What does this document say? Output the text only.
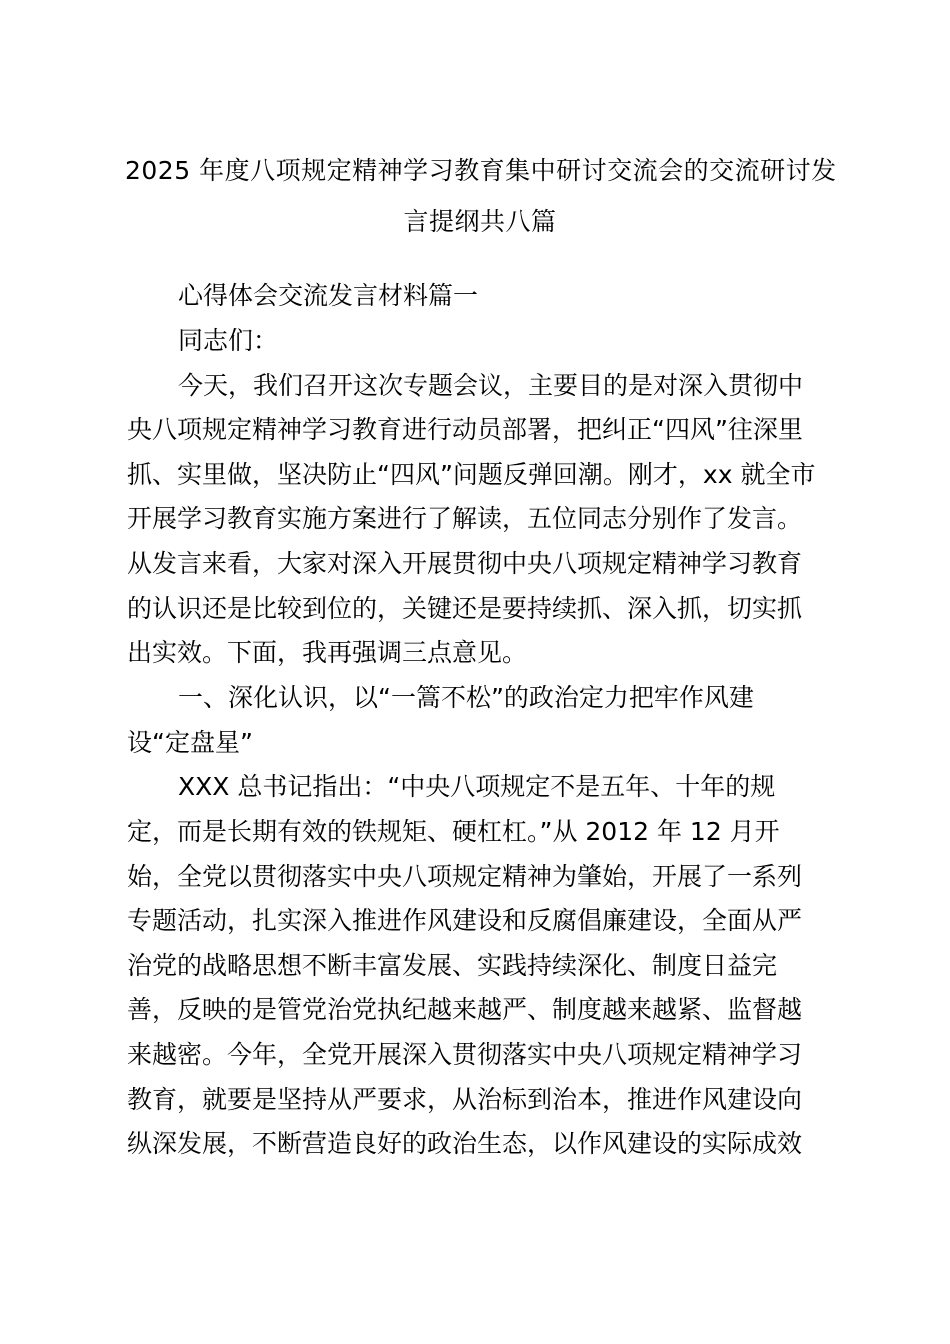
2025 年度八项规定精神学习教育集中研讨交流会的交流研讨发
言提纲共八篇
心得体会交流发言材料篇一
同志们：
今天，我们召开这次专题会议，主要目的是对深入贯彻中
央八项规定精神学习教育进行动员部署，把纠正“四风”往深里
抓、实里做，坚决防止“四风”问题反弹回潮。刚才，xx 就全市
开展学习教育实施方案进行了解读，五位同志分别作了发言。
从发言来看，大家对深入开展贯彻中央八项规定精神学习教育
的认识还是比较到位的，关键还是要持续抓、深入抓，切实抓
出实效。下面，我再强调三点意见。
一、深化认识，以“一篙不松”的政治定力把牢作风建
设“定盘星”
XXX 总书记指出：“中央八项规定不是五年、十年的规
定，而是长期有效的铁规矩、硬杠杠。”从 2012 年 12 月开
始，全党以贯彻落实中央八项规定精神为肇始，开展了一系列
专题活动，扎实深入推进作风建设和反腐倡廉建设，全面从严
治党的战略思想不断丰富发展、实践持续深化、制度日益完
善，反映的是管党治党执纪越来越严、制度越来越紧、监督越
来越密。今年，全党开展深入贯彻落实中央八项规定精神学习
教育，就要是坚持从严要求，从治标到治本，推进作风建设向
纵深发展，不断营造良好的政治生态，以作风建设的实际成效
